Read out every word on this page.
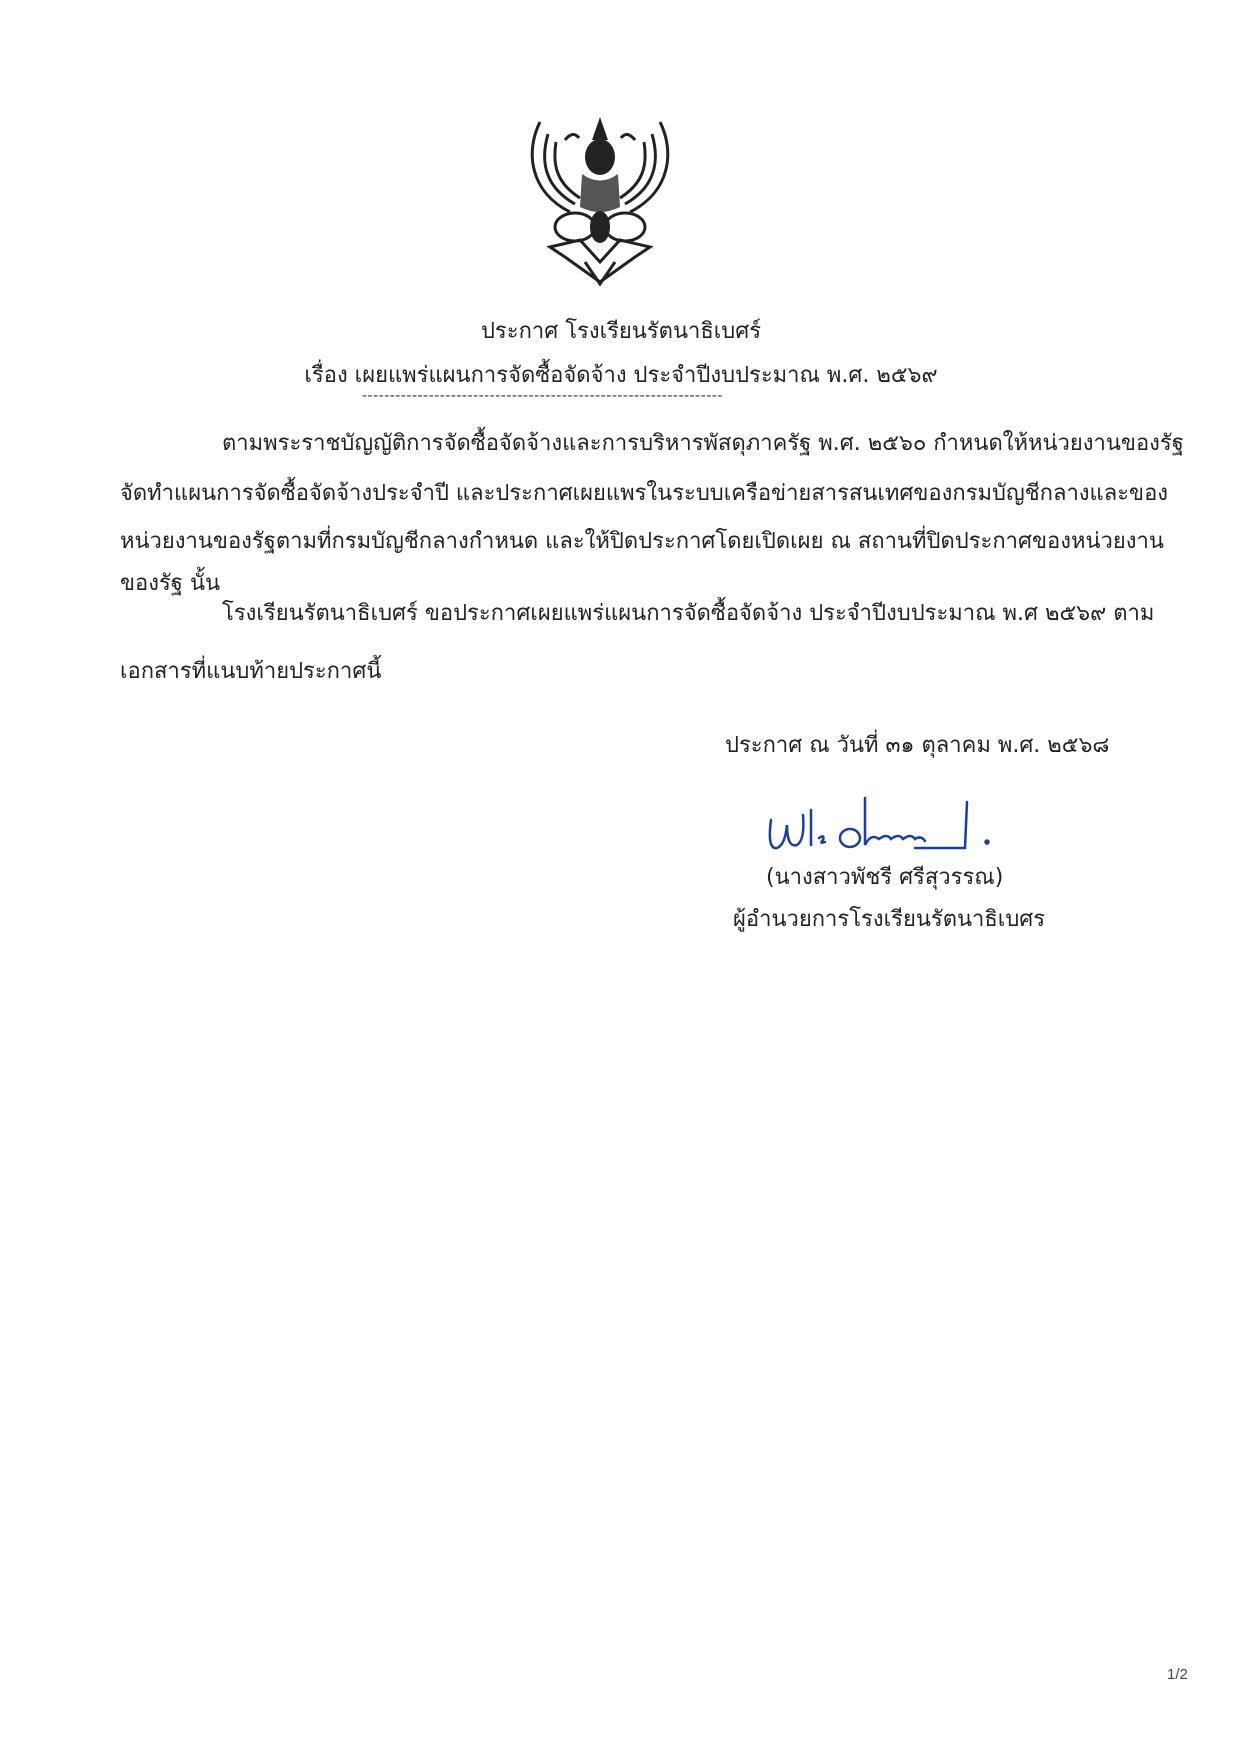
ประกาศ โรงเรียนรัตนาธิเบศร์
เรื่อง เผยแพร่แผนการจัดซื้อจัดจ้าง ประจำปีงบประมาณ พ.ศ. ๒๕๖๙
-----------------------------------------------------------------
ตามพระราชบัญญัติการจัดซื้อจัดจ้างและการบริหารพัสดุภาครัฐ พ.ศ. ๒๕๖๐ กำหนดให้หน่วยงานของรัฐ
จัดทำแผนการจัดซื้อจัดจ้างประจำปี และประกาศเผยแพรในระบบเครือข่ายสารสนเทศของกรมบัญชีกลางและของ
หน่วยงานของรัฐตามที่กรมบัญชีกลางกำหนด และให้ปิดประกาศโดยเปิดเผย ณ สถานที่ปิดประกาศของหน่วยงาน
ของรัฐ นั้น
โรงเรียนรัตนาธิเบศร์ ขอประกาศเผยแพร่แผนการจัดซื้อจัดจ้าง ประจำปีงบประมาณ พ.ศ ๒๕๖๙ ตาม
เอกสารที่แนบท้ายประกาศนี้
ประกาศ ณ วันที่ ๓๑ ตุลาคม พ.ศ. ๒๕๖๘
(นางสาวพัชรี ศรีสุวรรณ)
ผู้อำนวยการโรงเรียนรัตนาธิเบศร
1/2
